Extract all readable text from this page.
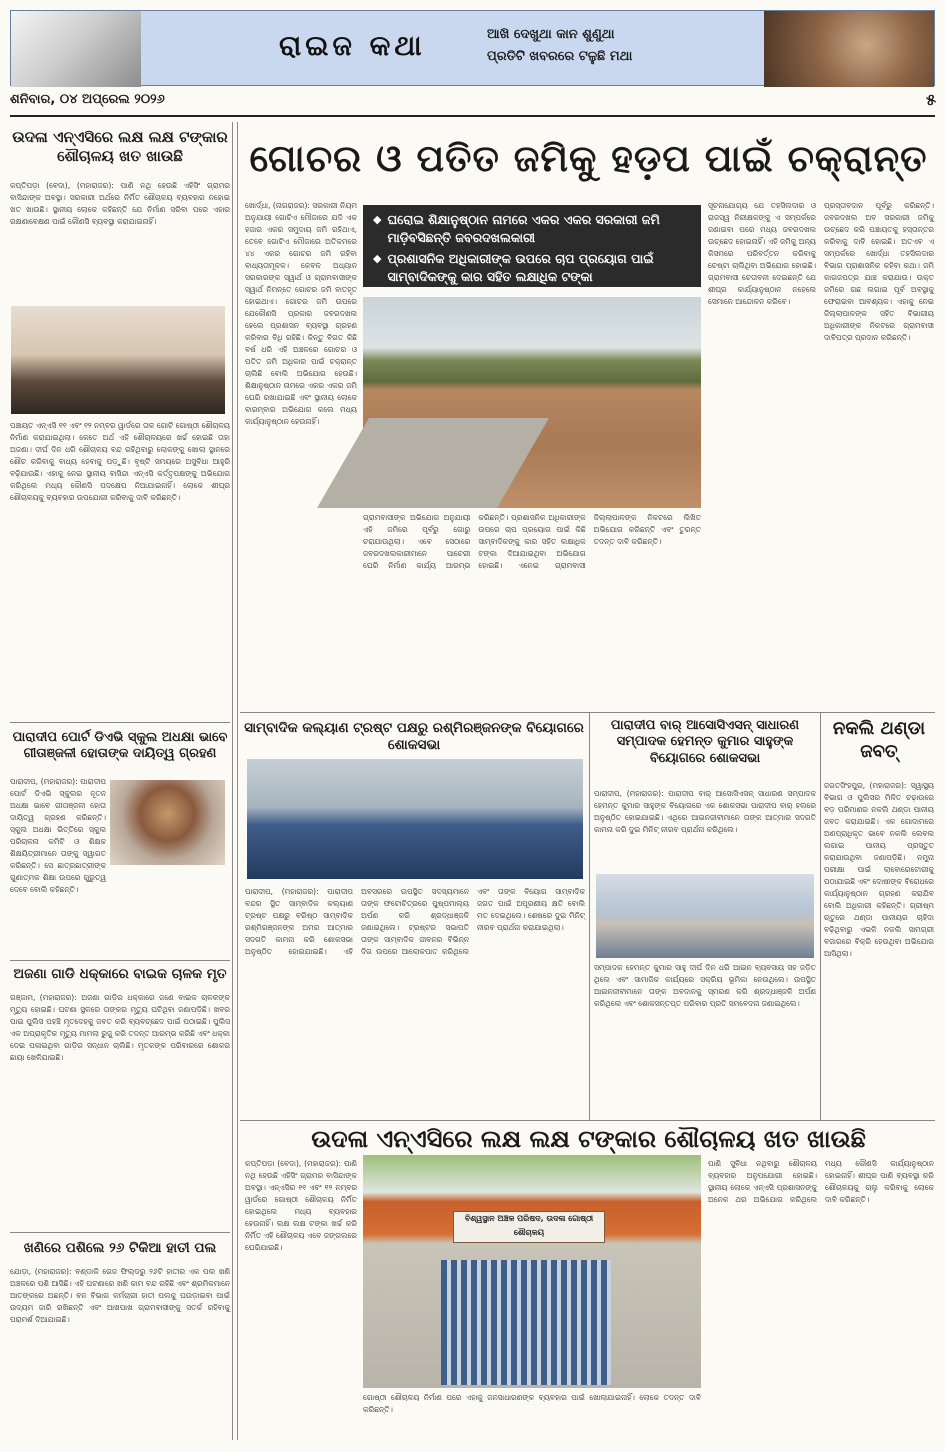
ରାଇଜ କଥା	ଆଖି ଦେଖୁଥା କାନ ଶୁଣୁଥା
ପ୍ରତିଟି ଖବରରେ ଟଳୁଛି ମଥା
ଶନିବାର, ୦୪ ଅପ୍ରେଲ ୨୦୨୬	୫
ଉଦଳା ଏନ୍‌ଏସିରେ ଲକ୍ଷ ଲକ୍ଷ ଟଙ୍କାର ଶୌଚାଳୟ ଖତ ଖାଉଛି
କପ୍ତିପଡ଼ା (ବେଦା), (ମହାରାଜର): ପାଣି ନଥି ହେଉଛି ଏହିସିଂ ଗ୍ରାମର ବାସିନ୍ଦାଙ୍କ ଅବସ୍ଥା। ସରକାରୀ ଅର୍ଥରେ ନିର୍ମିତ ଶୌଚାଳୟ ବ୍ୟବହାର ନହୋଇ ଖତ ଖାଉଛି। ସ୍ଥାନୀୟ ଲୋକେ କହିଛନ୍ତି ଯେ ନିର୍ମାଣ ସରିବା ପରେ ଏହାର ରକ୍ଷଣାବେକ୍ଷଣ ପାଇଁ କୌଣସି ବ୍ୟବସ୍ଥା କରାଯାଇନାହିଁ।
ପଞ୍ଚାୟତ ଏନ୍‌ଏସି ୧୧ ଏବଂ ୧୨ ନମ୍ବର ୱାର୍ଡରେ ତାଳ ଗୋଟି ଗୋଷ୍ଠୀ ଶୌଚାଳୟ ନିର୍ମାଣ କରାଯାଇଥିଲା। କେତେ ଅର୍ଥ ଏହି ଶୌଚାଳୟରେ ଖର୍ଚ୍ଚ ହୋଇଛି ତାହା ଅଜଣା। ଦୀର୍ଘ ଦିନ ଧରି ଶୌଚାଳୟ ବନ୍ଦ ରହିଥିବାରୁ ଲୋକଙ୍କୁ ଖୋଲା ସ୍ଥାନରେ ଶୌଚ କରିବାକୁ ବାଧ୍ୟ ହେବାକୁ ପଡ଼ୁଛି। ବୃଷ୍ଟି ସମୟରେ ଅସୁବିଧା ଆହୁରି ବଢ଼ିଯାଉଛି। ଏହାକୁ ନେଇ ସ୍ଥାନୀୟ ବାସିନ୍ଦା ଏନ୍‌ଏସି କର୍ତ୍ତୃପକ୍ଷଙ୍କୁ ଅଭିଯୋଗ କରିଥିଲେ ମଧ୍ୟ କୌଣସି ପଦକ୍ଷେପ ନିଆଯାଇନାହିଁ। ଲୋକେ ଶୀଘ୍ର ଶୌଚାଳୟକୁ ବ୍ୟବହାର ଉପଯୋଗୀ କରିବାକୁ ଦାବି କରିଛନ୍ତି।
ପାରାଦୀପ ପୋର୍ଟ ଡିଏଭି ସ୍କୁଲ ଅଧକ୍ଷା ଭାବେ ଗୀତାଞ୍ଜଳୀ ହୋତାଙ୍କ ଦାୟିତ୍ୱ ଗ୍ରହଣ
ପାରାଦୀପ, (ମହାରାଜର): ପାରାଦୀପ ପୋର୍ଟ ଡିଏଭି ସ୍କୁଲର ନୂତନ ଅଧକ୍ଷା ଭାବେ ଗୀତାଞ୍ଜଳୀ ହୋତା ଦାୟିତ୍ୱ ଗ୍ରହଣ କରିଛନ୍ତି। ସ୍କୁଲ ଅଧକ୍ଷା ଭିତ୍ତିରେ ସ୍କୁଲ ପରିଚାଳନା କମିଟି ଓ ଶିକ୍ଷକ ଶିକ୍ଷୟିତ୍ରୀମାନେ ତାଙ୍କୁ ସ୍ୱାଗତ କରିଛନ୍ତି। ସେ ଛାତ୍ରଛାତ୍ରୀଙ୍କ ଗୁଣାତ୍ମକ ଶିକ୍ଷା ଉପରେ ଗୁରୁତ୍ୱ ଦେବେ ବୋଲି କହିଛନ୍ତି।
ଅଜଣା ଗାଡି ଧକ୍କାରେ ବାଇକ ଚାଳକ ମୃତ
ଗଞ୍ଜାମ, (ମହାରାଜର): ଅଜଣା ଗାଡ଼ିର ଧକ୍କାରେ ଜଣେ ବାଇକ ଚାଳକଙ୍କ ମୃତ୍ୟୁ ହୋଇଛି। ଘଟଣା ସ୍ଥଳରେ ତାଙ୍କର ମୃତ୍ୟୁ ଘଟିଥିବା ଜଣାପଡ଼ିଛି। ଖବର ପାଇ ପୁଲିସ ପହଞ୍ଚି ମୃତଦେହକୁ ଜବତ କରି ବ୍ୟବଚ୍ଛେଦ ପାଇଁ ପଠାଇଛି। ପୁଲିସ ଏକ ଅପ୍ରାକୃତିକ ମୃତ୍ୟୁ ମାମଲା ରୁଜୁ କରି ତଦନ୍ତ ଆରମ୍ଭ କରିଛି ଏବଂ ଧକ୍କା ଦେଇ ପଳାଇଥିବା ଗାଡ଼ିର ସନ୍ଧାନ ଚାଲିଛି। ମୃତକଙ୍କ ପରିବାରରେ ଶୋକର ଛାୟା ଖେଳିଯାଇଛି।
ଖଣିରେ ପଶିଲେ ୨୬ ଟିକିଆ ହାତୀ ପଲ
ଯୋଡ଼ା, (ମହାରାଜର): ବଣ୍ଡାକି ଗେଜ ଫିଲ୍ଡରୁ ୨୬ଟି ହାତୀର ଏକ ପଲ ଖଣି ଅଞ୍ଚଳରେ ପଶି ଆସିଛି। ଏହି ଘଟଣାରେ ଖଣି କାମ ବନ୍ଦ ରହିଛି ଏବଂ ଶ୍ରମିକମାନେ ଆତଙ୍କରେ ଅଛନ୍ତି। ବନ ବିଭାଗ କର୍ମଚାରୀ ହାତୀ ପଲକୁ ଘଉଡ଼ାଇବା ପାଇଁ ଉଦ୍ୟମ ଜାରି ରଖିଛନ୍ତି ଏବଂ ଆଖପାଖ ଗ୍ରାମବାସୀଙ୍କୁ ସତର୍କ ରହିବାକୁ ପରାମର୍ଶ ଦିଆଯାଇଛି।
ଗୋଚର ଓ ପତିତ ଜମିକୁ ହଡ଼ପ ପାଇଁ ଚକ୍ରାନ୍ତ
ଖୋର୍ଦ୍ଧା, (ନାଗରାଜର): ସରକାରୀ ନିୟମ ଅନୁଯାୟୀ ଗୋଚିଏ ମୌଜାରେ ଯଦି ଏକ ହଜାର ଏକର ସମୁଦାୟ ଜମି ରହିଥାଏ, ତେବେ ଗୋଟିଏ ମୌଜାରେ ଅତିକମରେ ୪୪ ଏକର ଗୋଚର ଜମି ରହିବା ବାଧ୍ୟତାମୂଳକ। କେବଳ ଅଧ୍ୟାନ ସରକାରଙ୍କ ସ୍ୱାର୍ଥ ଓ ଗ୍ରାମବାସୀଙ୍କ ସ୍ୱାର୍ଥ ନିମନ୍ତେ ଗୋଚର ଜମି ବାତହୃତ ହୋଇଥାଏ। ଗୋଚର ଜମି ଉପରେ ଯେକୌଣସି ପ୍ରକାର ଜବରଦଖଲ ହେଲେ ପ୍ରଶାସନ ବ୍ୟବସ୍ଥା ଗ୍ରହଣ କରିବାର ବିଧି ରହିଛି। କିନ୍ତୁ ବିଗତ କିଛି ବର୍ଷ ଧରି ଏହି ଅଞ୍ଚଳରେ ଗୋଚର ଓ ପତିତ ଜମି ଅଧିକାର ପାଇଁ ଚକ୍ରାନ୍ତ ଚାଲିଛି ବୋଲି ଅଭିଯୋଗ ହେଉଛି। ଶିକ୍ଷାନୁଷ୍ଠାନ ନାମରେ ଏକର ଏକର ଜମି ଘେରି ରଖାଯାଇଛି ଏବଂ ସ୍ଥାନୀୟ ଲୋକେ ବାରମ୍ବାର ଅଭିଯୋଗ କଲେ ମଧ୍ୟ କାର୍ଯ୍ୟାନୁଷ୍ଠାନ ହେଉନାହିଁ।
◆ ଘରୋଇ ଶିକ୍ଷାନୁଷ୍ଠାନ ନାମରେ ଏକର ଏକର ସରକାରୀ ଜମି ମାଡ଼ିବସିଛନ୍ତି ଜବରଦଖଲକାରୀ
◆ ପ୍ରଶାସନିକ ଅଧିକାରୀଙ୍କ ଉପରେ ଚାପ ପ୍ରୟୋଗ ପାଇଁ ସାମ୍ବାଦିକଙ୍କୁ କାର ସହିତ ଲକ୍ଷାଧିକ ଟଙ୍କା
ଗ୍ରାମବାସୀଙ୍କ ଅଭିଯୋଗ ଅନୁଯାୟୀ ଏହି ଜମିରେ ପୂର୍ବରୁ ଗୋରୁ ଚରାଯାଉଥିଲା। ଏବେ ସେଠାରେ ଜବରଦଖଲକାରୀମାନେ ପାଚେରୀ ଘେରି ନିର୍ମାଣ କାର୍ଯ୍ୟ ଆରମ୍ଭ କରିଛନ୍ତି। ପ୍ରଶାସନିକ ଅଧିକାରୀଙ୍କ ଉପରେ ଚାପ ପ୍ରୟୋଗ ପାଇଁ କିଛି ସାମ୍ବାଦିକଙ୍କୁ କାର ସହିତ ଲକ୍ଷାଧିକ ଟଙ୍କା ଦିଆଯାଇଥିବା ଅଭିଯୋଗ ହୋଇଛି। ଏନେଇ ଗ୍ରାମବାସୀ ଜିଲ୍ଲାପାଳଙ୍କ ନିକଟରେ ଲିଖିତ ଅଭିଯୋଗ କରିଛନ୍ତି ଏବଂ ତୁରନ୍ତ ତଦନ୍ତ ଦାବି କରିଛନ୍ତି।
ସୂଚନାଯୋଗ୍ୟ ଯେ ତହସିଲଦାର ଓ ରାଜସ୍ୱ ନିରୀକ୍ଷକଙ୍କୁ ଏ ସମ୍ପର୍କରେ ଜଣାଇବା ପରେ ମଧ୍ୟ ଜବରଦଖଲ ଉଚ୍ଛେଦ ହୋଇନାହିଁ। ଏହି ଜମିକୁ ଅନ୍ୟ କିସମରେ ପରିବର୍ତ୍ତନ କରିବାକୁ ଚେଷ୍ଟା ଚାଲିଥିବା ଅଭିଯୋଗ ହୋଇଛି। ଗ୍ରାମବାସୀ ଚେତାବନୀ ଦେଇଛନ୍ତି ଯେ ଶୀଘ୍ର କାର୍ଯ୍ୟାନୁଷ୍ଠାନ ନହେଲେ ସେମାନେ ଆନ୍ଦୋଳନ କରିବେ।
ପ୍ରସ୍ତାବଦାନ ପୂର୍ବରୁ କରିଛନ୍ତି। ଜବରଦଖଲ ଅବ ସରକାରୀ ଜମିକୁ ଉଚ୍ଛେଦ କରି ପଞ୍ଚାୟତକୁ ହସ୍ତାନ୍ତର କରିବାକୁ ଦାବି ହୋଇଛି। ଅତଏବ ଏ ସମ୍ପର୍କରେ ଖୋର୍ଦ୍ଧା ତହସିଲଦାର ବିଭାଗ ପ୍ରାଶାସନିକ କହିବା କଥା। ଜମି କାଗଜପତ୍ର ଯାଞ୍ଚ କରାଯାଉ। ଉକ୍ତ ଜମିରେ ଗଛ ଲଗାଇ ପୂର୍ବ ଅବସ୍ଥାକୁ ଫେରାଇବା ଆବଶ୍ୟକ। ଏହାକୁ ନେଇ ଜିଲ୍ଲାପାଳଙ୍କ ସହିତ ବିଭାଗୀୟ ଅଧିକାରୀଙ୍କ ନିକଟରେ ଗ୍ରାମବାସୀ ଦାବିପତ୍ର ପ୍ରଦାନ କରିଛନ୍ତି।
ସାମ୍ବାଦିକ କଲ୍ୟାଣ ଟ୍ରଷ୍ଟ ପକ୍ଷରୁ ରଶ୍ମିରଞ୍ଜନଙ୍କ ବିୟୋଗରେ ଶୋକସଭା
ପାରାଦୀପ, (ମହାରାଜର): ପାରାଦୀପ ବନ୍ଦର ସ୍ଥିତ ସାମ୍ବାଦିକ କଲ୍ୟାଣ ଟ୍ରଷ୍ଟ ପକ୍ଷରୁ ବରିଷ୍ଠ ସାମ୍ବାଦିକ ରଶ୍ମିରଞ୍ଜନଙ୍କ ଅମର ଆତ୍ମାର ସଦଗତି କାମନା କରି ଶୋକସଭା ଅନୁଷ୍ଠିତ ହୋଇଯାଇଛି। ଏହି ଅବସରରେ ଉପସ୍ଥିତ ସଦସ୍ୟମାନେ ତାଙ୍କ ଫଟୋଚିତ୍ରରେ ପୁଷ୍ପମାଲ୍ୟ ଅର୍ପଣ କରି ଶ୍ରଦ୍ଧାଞ୍ଜଳି ଜଣାଇଥିଲେ। ଟ୍ରଷ୍ଟର ସଭାପତି ତାଙ୍କ ସାମ୍ବାଦିକ ଜୀବନର ବିଭିନ୍ନ ଦିଗ ଉପରେ ଆଲୋକପାତ କରିଥିଲେ ଏବଂ ତାଙ୍କ ବିୟୋଗ ସାମ୍ବାଦିକ ଜଗତ ପାଇଁ ଅପୂରଣୀୟ କ୍ଷତି ବୋଲି ମତ ଦେଇଥିଲେ। ଶେଷରେ ଦୁଇ ମିନିଟ୍ ନୀରବ ପ୍ରାର୍ଥନା କରାଯାଇଥିଲା।
ପାରାଦୀପ ବାର୍ ଆସୋସିଏସନ୍ ସାଧାରଣ ସମ୍ପାଦକ ହେମନ୍ତ କୁମାର ସାହୁଙ୍କ ବିୟୋଗରେ ଶୋକସଭା
ପାରାଦୀପ, (ମହାରାଜର): ପାରାଦୀପ ବାର୍ ଆସୋସିଏସନ୍ ସାଧାରଣ ସମ୍ପାଦକ ହେମନ୍ତ କୁମାର ସାହୁଙ୍କ ବିୟୋଗରେ ଏକ ଶୋକସଭା ପାରାଦୀପ ବାର୍ ହଲରେ ଅନୁଷ୍ଠିତ ହୋଇଯାଇଛି। ଏଥିରେ ଆଇନଜୀବୀମାନେ ତାଙ୍କ ଆତ୍ମାର ସଦଗତି କାମନା କରି ଦୁଇ ମିନିଟ୍ ନୀରବ ପ୍ରାର୍ଥନା କରିଥିଲେ।
ସମ୍ପାଦକ ହେମନ୍ତ କୁମାର ସାହୁ ଦୀର୍ଘ ଦିନ ଧରି ଆଇନ ବ୍ୟବସାୟ ସହ ଜଡ଼ିତ ଥିଲେ ଏବଂ ସାମାଜିକ କାର୍ଯ୍ୟରେ ସକ୍ରିୟ ଭୂମିକା ନେଉଥିଲେ। ଉପସ୍ଥିତ ଆଇନଜୀବୀମାନେ ତାଙ୍କ ଅବଦାନକୁ ସ୍ମରଣ କରି ଶ୍ରଦ୍ଧାଞ୍ଜଳି ଅର୍ପଣ କରିଥିଲେ ଏବଂ ଶୋକସନ୍ତପ୍ତ ପରିବାର ପ୍ରତି ସମବେଦନା ଜଣାଇଥିଲେ।
ନକଲି ଥଣ୍ଡା ଜବତ୍
ଜଗତସିଂହପୁର, (ମହାରାଜର): ସ୍ୱାସ୍ଥ୍ୟ ବିଭାଗ ଓ ପୁଲିସର ମିଳିତ ଚଢ଼ାଉରେ ବଡ଼ ପରିମାଣର ନକଲି ଥଣ୍ଡା ପାନୀୟ ଜବତ କରାଯାଇଛି। ଏକ ଗୋଦାମରେ ଅଣପ୍ରାଧିକୃତ ଭାବେ ନକଲି ଲେବଲ ଲଗାଇ ପାନୀୟ ପ୍ରସ୍ତୁତ କରାଯାଉଥିବା ଜଣାପଡ଼ିଛି। ନମୁନା ପରୀକ୍ଷା ପାଇଁ ଲାବୋରେଟୋରୀକୁ ପଠାଯାଇଛି ଏବଂ ଦୋଷୀଙ୍କ ବିରୋଧରେ କାର୍ଯ୍ୟାନୁଷ୍ଠାନ ଗ୍ରହଣ କରାଯିବ ବୋଲି ଅଧିକାରୀ କହିଛନ୍ତି। ଗ୍ରୀଷ୍ମ ଋତୁରେ ଥଣ୍ଡା ପାନୀୟର ଚାହିଦା ବଢ଼ିଥିବାରୁ ଏଭଳି ନକଲି ସାମଗ୍ରୀ ବଜାରରେ ବିକ୍ରି ହେଉଥିବା ଅଭିଯୋଗ ଆସିଥିଲା।
ଉଦଳା ଏନ୍‌ଏସିରେ ଲକ୍ଷ ଲକ୍ଷ ଟଙ୍କାର ଶୌଚାଳୟ ଖତ ଖାଉଛି
କପ୍ତିପଡ଼ା (ବେଦା), (ମହାରାଜର): ପାଣି ନଥି ହେଉଛି ଏହିସିଂ ଗ୍ରାମର ବାସିନ୍ଦାଙ୍କ ଅବସ୍ଥା। ଏନ୍‌ଏସିର ୧୧ ଏବଂ ୧୨ ନମ୍ବର ୱାର୍ଡରେ ଗୋଷ୍ଠୀ ଶୌଚାଳୟ ନିର୍ମିତ ହୋଇଥିଲେ ମଧ୍ୟ ବ୍ୟବହାର ହେଉନାହିଁ। ଲକ୍ଷ ଲକ୍ଷ ଟଙ୍କା ଖର୍ଚ୍ଚ କରି ନିର୍ମିତ ଏହି ଶୌଚାଳୟ ଏବେ ଜଙ୍ଗଲରେ ଘେରିଯାଇଛି।
ବିଶ୍ୱସ୍ଥାନ ଅଞ୍ଚଳ ପରିଷଦ, ଉଦଳା ଗୋଷ୍ଠୀ ଶୌଚାଳୟ
ଗୋଷ୍ଠୀ ଶୌଚାଳୟ ନିର୍ମାଣ ପରେ ଏହାକୁ ଜନସାଧାରଣଙ୍କ ବ୍ୟବହାର ପାଇଁ ଖୋଲାଯାଇନାହିଁ। ଲୋକେ ତଦନ୍ତ ଦାବି କରିଛନ୍ତି।
ପାଣି ସୁବିଧା ନଥିବାରୁ ଶୌଚାଳୟ ବ୍ୟବହାର ଅନୁପଯୋଗୀ ହୋଇଛି। ସ୍ଥାନୀୟ ଲୋକେ ଏନ୍‌ଏସି ପ୍ରଶାସନଙ୍କୁ ଅନେକ ଥର ଅଭିଯୋଗ କରିଥିଲେ ମଧ୍ୟ କୌଣସି କାର୍ଯ୍ୟାନୁଷ୍ଠାନ ହୋଇନାହିଁ। ଶୀଘ୍ର ପାଣି ବ୍ୟବସ୍ଥା କରି ଶୌଚାଳୟକୁ ଚାଲୁ କରିବାକୁ ଲୋକେ ଦାବି କରିଛନ୍ତି।
